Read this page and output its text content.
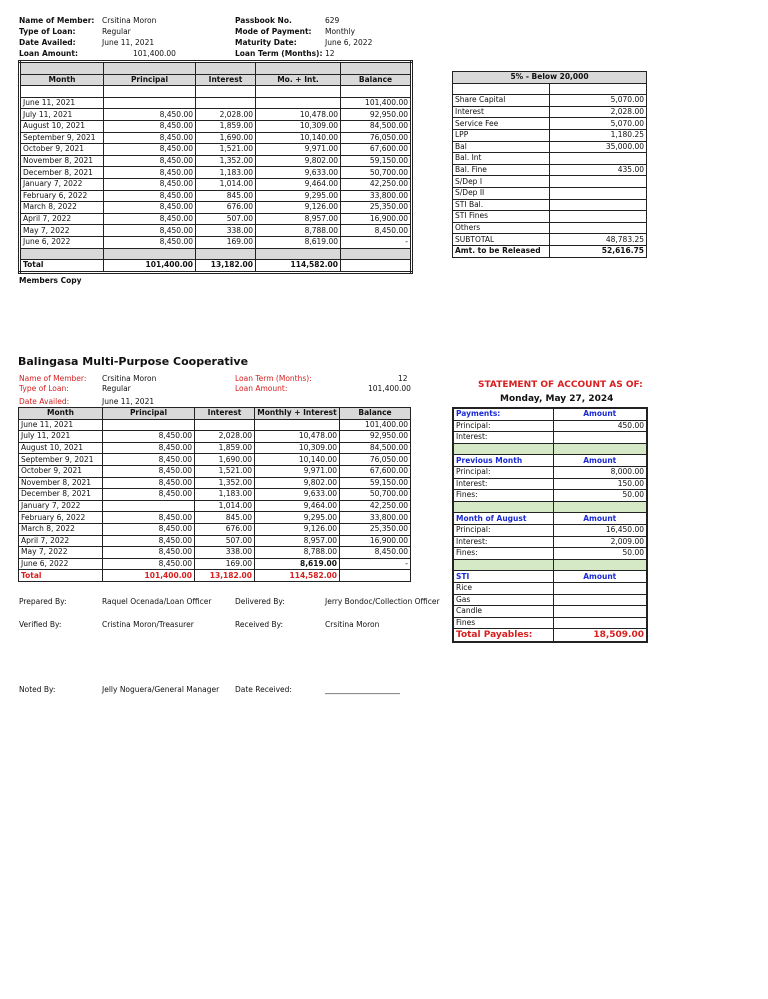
Name of Member: Crsitina Moron
Type of Loan:	Regular
Date Availed:	June 11, 2021
Loan Amount:	101,400.00
Passbook No.	629
Mode of Payment: Monthly
Maturity Date:	June 6, 2022
Loan Term (Months): 12

Month	Principal	Interest	Mo. + Int.	Balance

June 11, 2021				101,400.00
July 11, 2021	8,450.00	2,028.00	10,478.00	92,950.00
August 10, 2021	8,450.00	1,859.00	10,309.00	84,500.00
September 9, 2021	8,450.00	1,690.00	10,140.00	76,050.00
October 9, 2021	8,450.00	1,521.00	9,971.00	67,600.00
November 8, 2021	8,450.00	1,352.00	9,802.00	59,150.00
December 8, 2021	8,450.00	1,183.00	9,633.00	50,700.00
January 7, 2022	8,450.00	1,014.00	9,464.00	42,250.00
February 6, 2022	8,450.00	845.00	9,295.00	33,800.00
March 8, 2022	8,450.00	676.00	9,126.00	25,350.00
April 7, 2022	8,450.00	507.00	8,957.00	16,900.00
May 7, 2022	8,450.00	338.00	8,788.00	8,450.00
June 6, 2022	8,450.00	169.00	8,619.00	-

Total	101,400.00	13,182.00	114,582.00	
5% - Below 20,000	

Share Capital	5,070.00
Interest	2,028.00
Service Fee	5,070.00
LPP	1,180.25
Bal	35,000.00
Bal. Int	
Bal. Fine	435.00
S/Dep I	
S/Dep II	
STI Bal.	
STI Fines	
Others	
SUBTOTAL	48,783.25
Amt. to be Released	52,616.75
Members Copy
Balingasa Multi-Purpose Cooperative
Name of Member: Crsitina Moron
Type of Loan:	Regular
Date Availed:	June 11, 2021
Loan Term (Months):	12
Loan Amount:	101,400.00	STATEMENT OF ACCOUNT AS OF:
Monday, May 27, 2024
Month	Principal	Interest	Monthly + Interest	Balance
June 11, 2021				101,400.00
July 11, 2021	8,450.00	2,028.00	10,478.00	92,950.00
August 10, 2021	8,450.00	1,859.00	10,309.00	84,500.00
September 9, 2021	8,450.00	1,690.00	10,140.00	76,050.00
October 9, 2021	8,450.00	1,521.00	9,971.00	67,600.00
November 8, 2021	8,450.00	1,352.00	9,802.00	59,150.00
December 8, 2021	8,450.00	1,183.00	9,633.00	50,700.00
January 7, 2022		1,014.00	9,464.00	42,250.00
February 6, 2022	8,450.00	845.00	9,295.00	33,800.00
March 8, 2022	8,450.00	676.00	9,126.00	25,350.00
April 7, 2022	8,450.00	507.00	8,957.00	16,900.00
May 7, 2022	8,450.00	338.00	8,788.00	8,450.00
June 6, 2022	8,450.00	169.00	8,619.00	-
Total	101,400.00	13,182.00	114,582.00	
Payments:	Amount
Principal:	450.00
Interest:	

Previous Month	Amount
Principal:	8,000.00
Interest:	150.00
Fines:	50.00

Month of August	Amount
Principal:	16,450.00
Interest:	2,009.00
Fines:	50.00

STI	Amount
Rice	
Gas	
Candle	
Fines	
Total Payables:	18,509.00
Prepared By:	Raquel Ocenada/Loan Officer	Delivered By:	Jerry Bondoc/Collection Officer
Verified By:	Cristina Moron/Treasurer	Received By:	Crsitina Moron
Noted By:	Jelly Noguera/General Manager Date Received:	____________________
